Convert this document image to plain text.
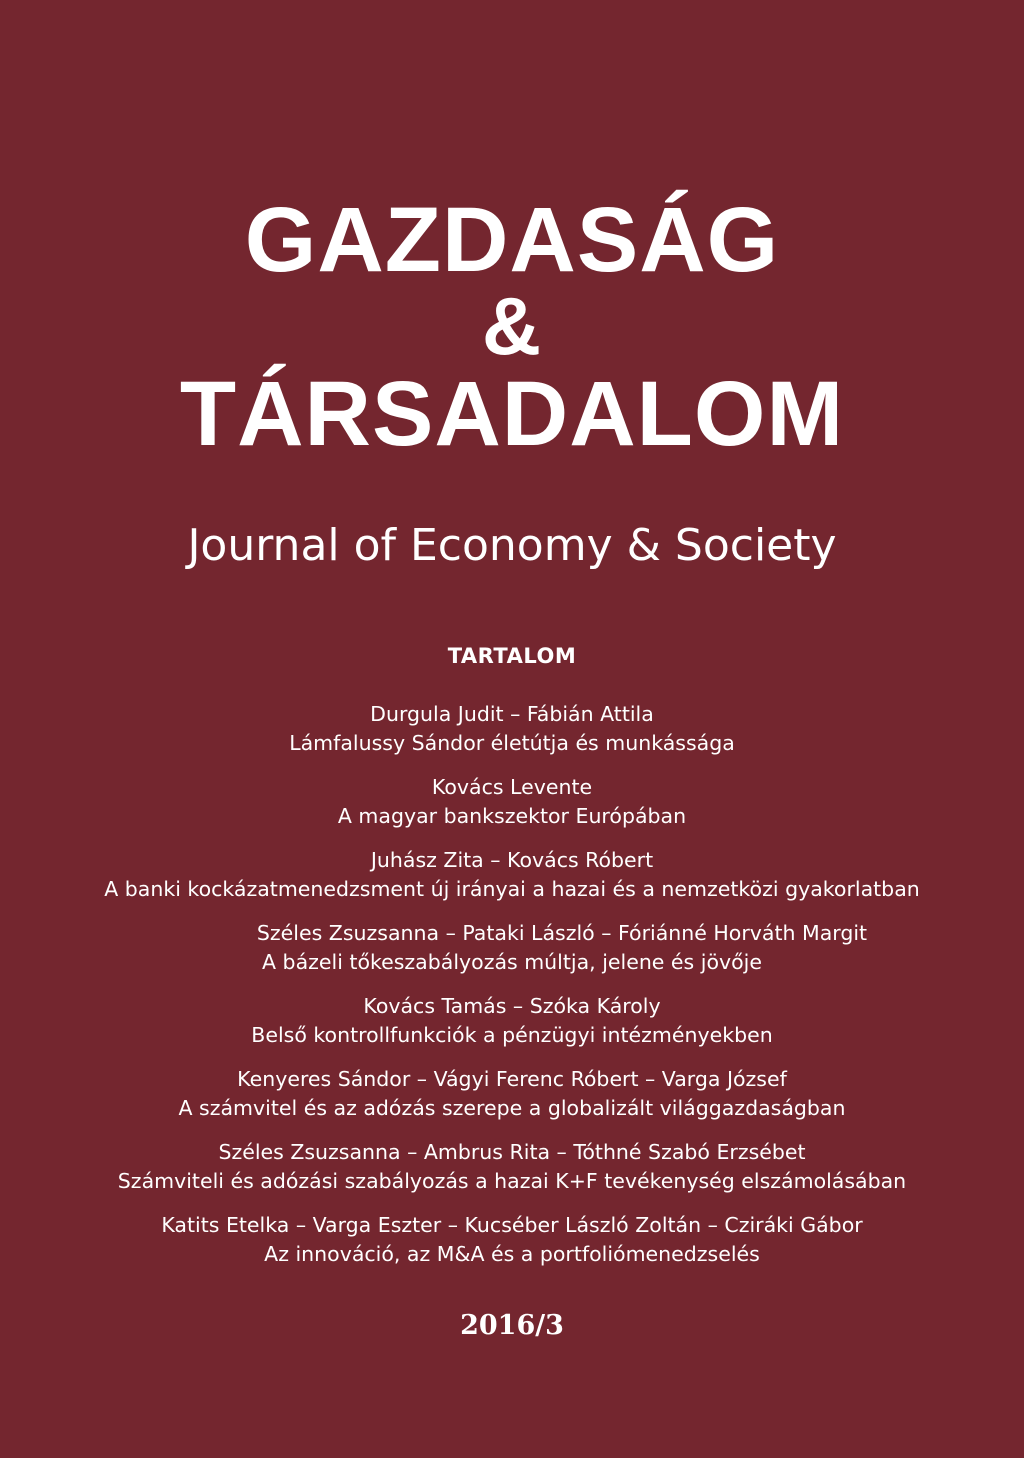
GAZDASÁG
&
TÁRSADALOM
Journal of Economy & Society
TARTALOM
Durgula Judit – Fábián Attila
Lámfalussy Sándor életútja és munkássága
Kovács Levente
A magyar bankszektor Európában
Juhász Zita – Kovács Róbert
A banki kockázatmenedzsment új irányai a hazai és a nemzetközi gyakorlatban
Széles Zsuzsanna – Pataki László – Fóriánné Horváth Margit
A bázeli tőkeszabályozás múltja, jelene és jövője
Kovács Tamás – Szóka Károly
Belső kontrollfunkciók a pénzügyi intézményekben
Kenyeres Sándor – Vágyi Ferenc Róbert – Varga József
A számvitel és az adózás szerepe a globalizált világgazdaságban
Széles Zsuzsanna – Ambrus Rita – Tóthné Szabó Erzsébet
Számviteli és adózási szabályozás a hazai K+F tevékenység elszámolásában
Katits Etelka – Varga Eszter – Kucséber László Zoltán – Cziráki Gábor
Az innováció, az M&A és a portfoliómenedzselés
2016/3
